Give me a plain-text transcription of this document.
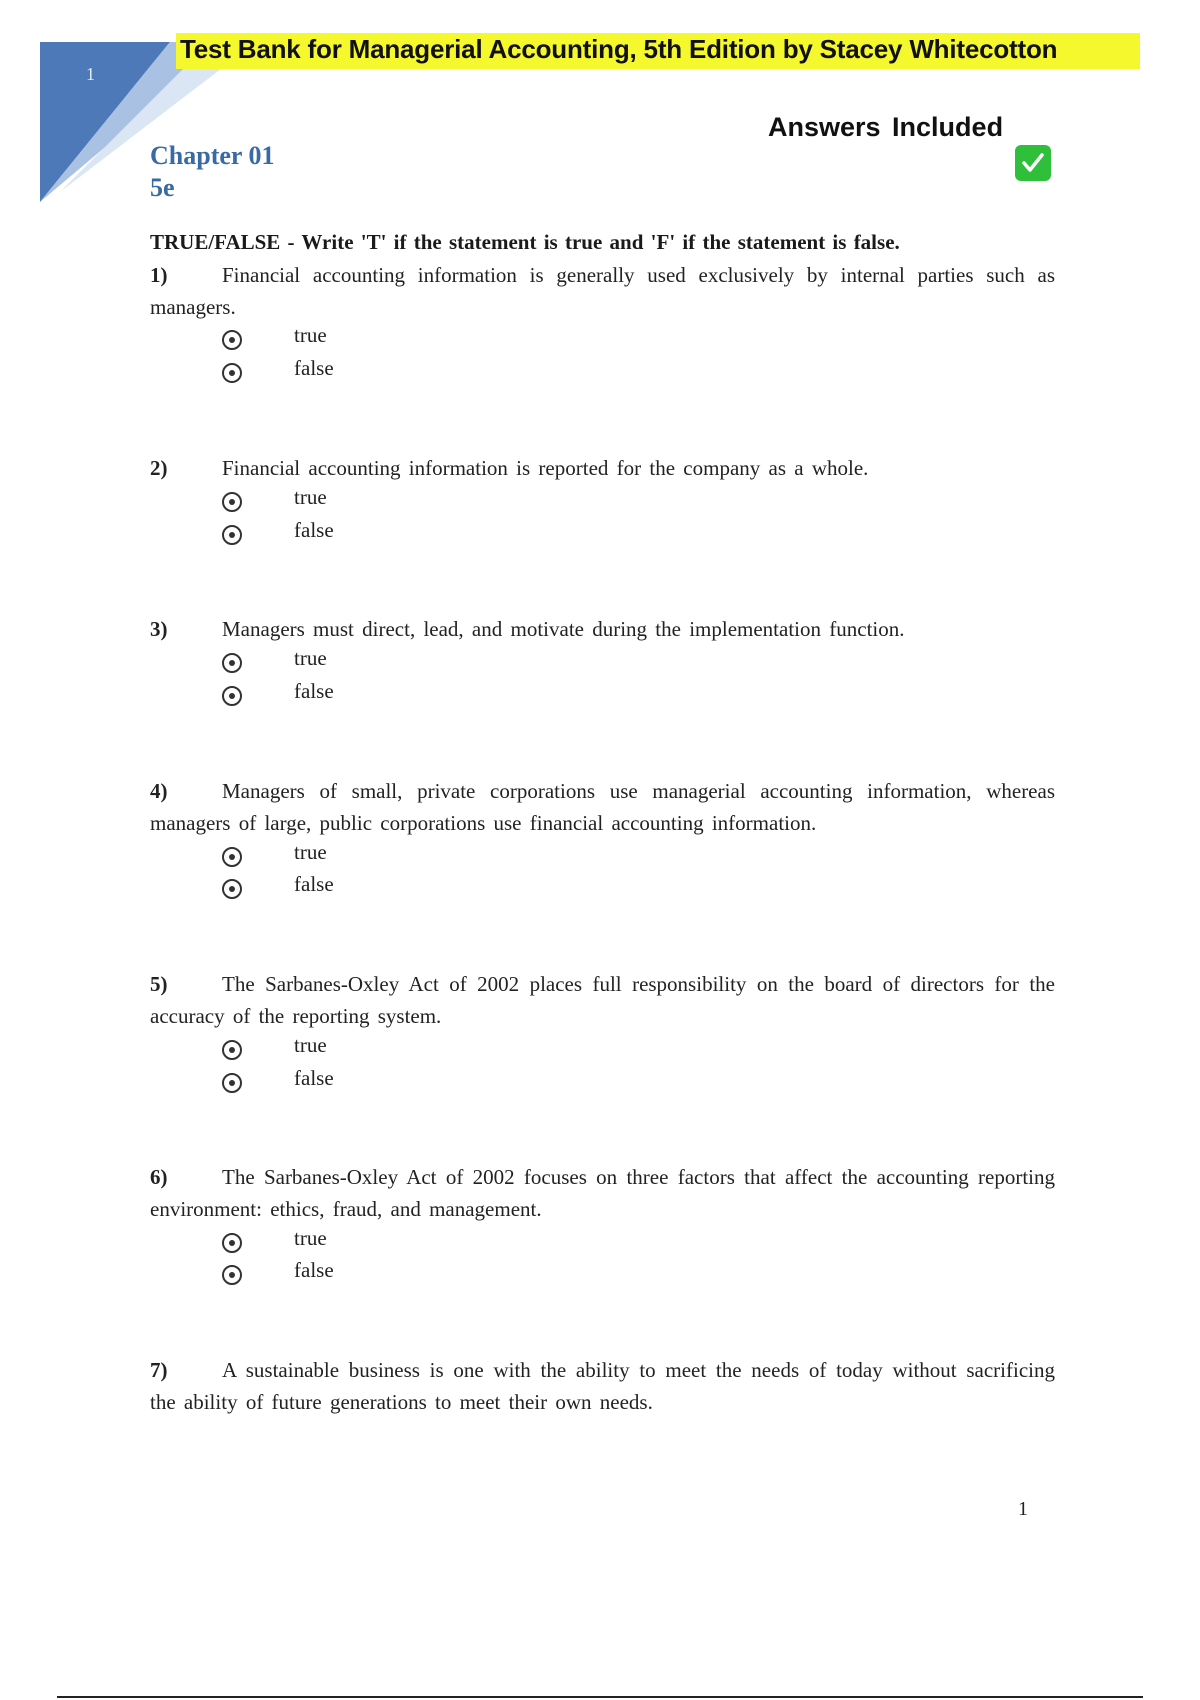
1
Test Bank for Managerial Accounting, 5th Edition by Stacey Whitecotton
Answers Included
Chapter 01
5e
TRUE/FALSE - Write 'T' if the statement is true and 'F' if the statement is false.
1)	Financial accounting information is generally used exclusively by internal parties such as managers.
true
false
2)	Financial accounting information is reported for the company as a whole.
true
false
3)	Managers must direct, lead, and motivate during the implementation function.
true
false
4)	Managers of small, private corporations use managerial accounting information, whereas managers of large, public corporations use financial accounting information.
true
false
5)	The Sarbanes-Oxley Act of 2002 places full responsibility on the board of directors for the accuracy of the reporting system.
true
false
6)	The Sarbanes-Oxley Act of 2002 focuses on three factors that affect the accounting reporting environment: ethics, fraud, and management.
true
false
7)	A sustainable business is one with the ability to meet the needs of today without sacrificing the ability of future generations to meet their own needs.
1
